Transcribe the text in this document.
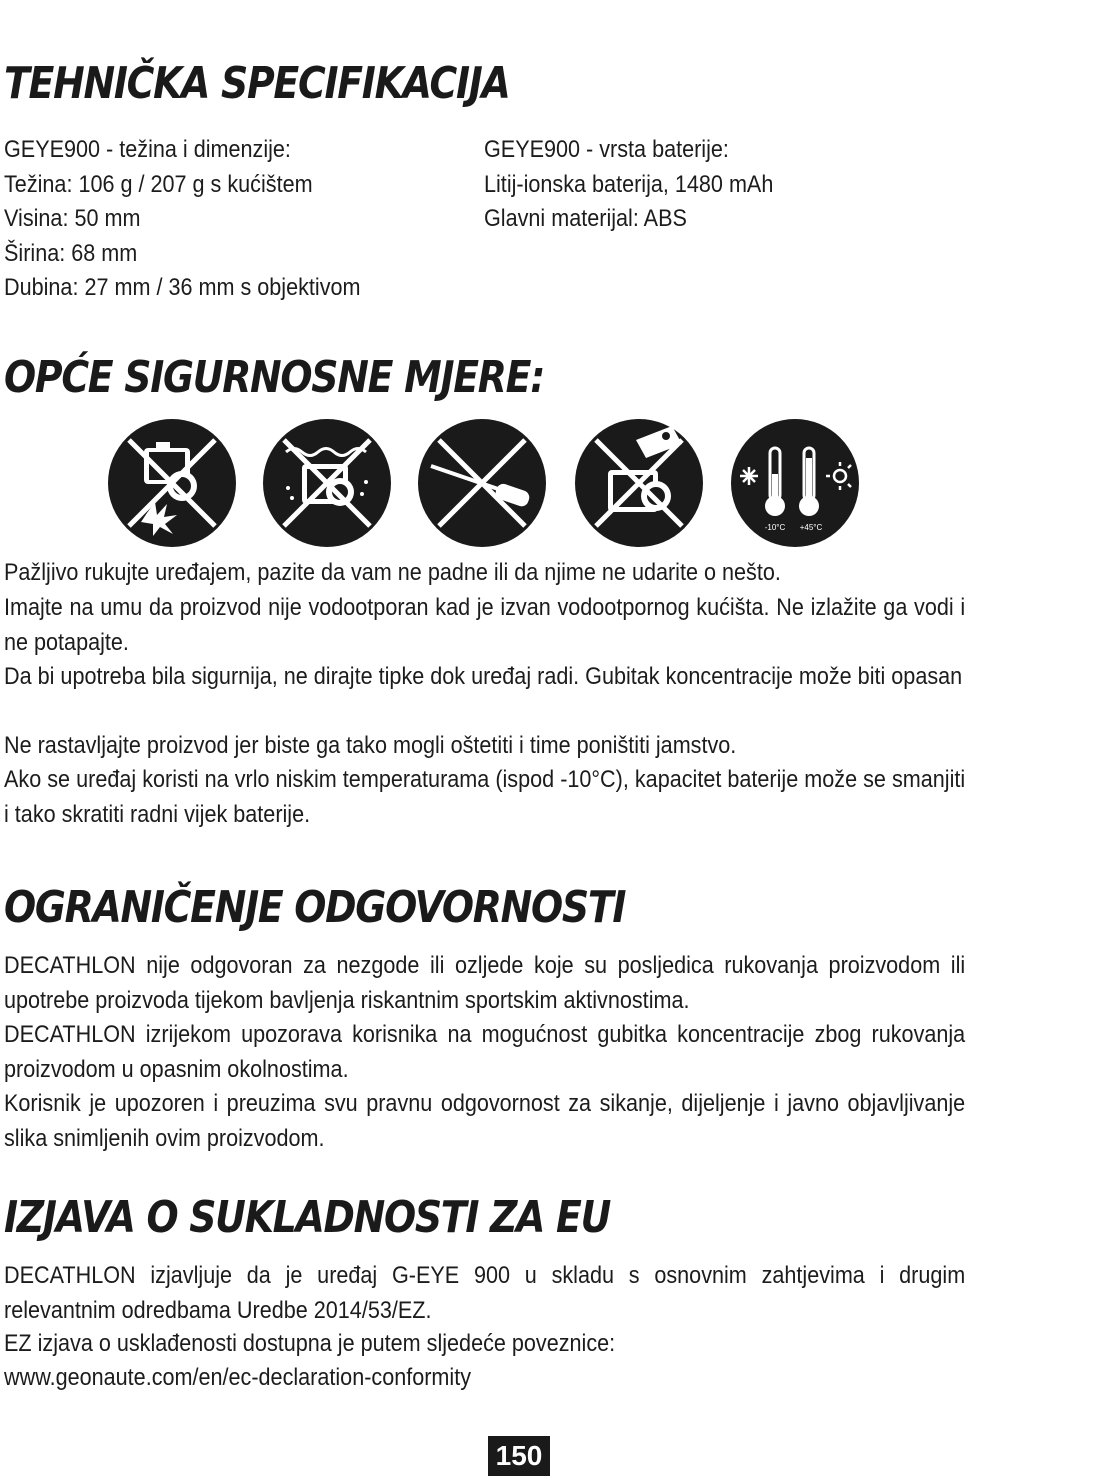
TEHNIČKA SPECIFIKACIJA
GEYE900 - težina i dimenzije:
Težina: 106 g / 207 g s kućištem
Visina: 50 mm
Širina: 68 mm
Dubina: 27 mm / 36 mm s objektivom
GEYE900 - vrsta baterije:
Litij-ionska baterija, 1480 mAh
Glavni materijal: ABS
OPĆE SIGURNOSNE MJERE:
-10°C +45°C

Pažljivo rukujte uređajem, pazite da vam ne padne ili da njime ne udarite o nešto.

Imajte na umu da proizvod nije vodootporan kad je izvan vodootpornog kućišta. Ne izlažite ga vodi i ne potapajte.

Da bi upotreba bila sigurnija, ne dirajte tipke dok uređaj radi. Gubitak koncentracije može biti opasan

Ne rastavljajte proizvod jer biste ga tako mogli oštetiti i time poništiti jamstvo.

Ako se uređaj koristi na vrlo niskim temperaturama (ispod -10°C), kapacitet baterije može se smanjiti i tako skratiti radni vijek baterije.

OGRANIČENJE ODGOVORNOSTI

DECATHLON nije odgovoran za nezgode ili ozljede koje su posljedica rukovanja proizvodom ili upotrebe proizvoda tijekom bavljenja riskantnim sportskim aktivnostima.

DECATHLON izrijekom upozorava korisnika na mogućnost gubitka koncentracije zbog rukovanja proizvodom u opasnim okolnostima.

Korisnik je upozoren i preuzima svu pravnu odgovornost za sikanje, dijeljenje i javno objavljivanje slika snimljenih ovim proizvodom.

IZJAVA O SUKLADNOSTI ZA EU

DECATHLON izjavljuje da je uređaj G-EYE 900 u skladu s osnovnim zahtjevima i drugim relevantnim odredbama Uredbe 2014/53/EZ.

EZ izjava o usklađenosti dostupna je putem sljedeće poveznice:

www.geonaute.com/en/ec-declaration-conformity

150
